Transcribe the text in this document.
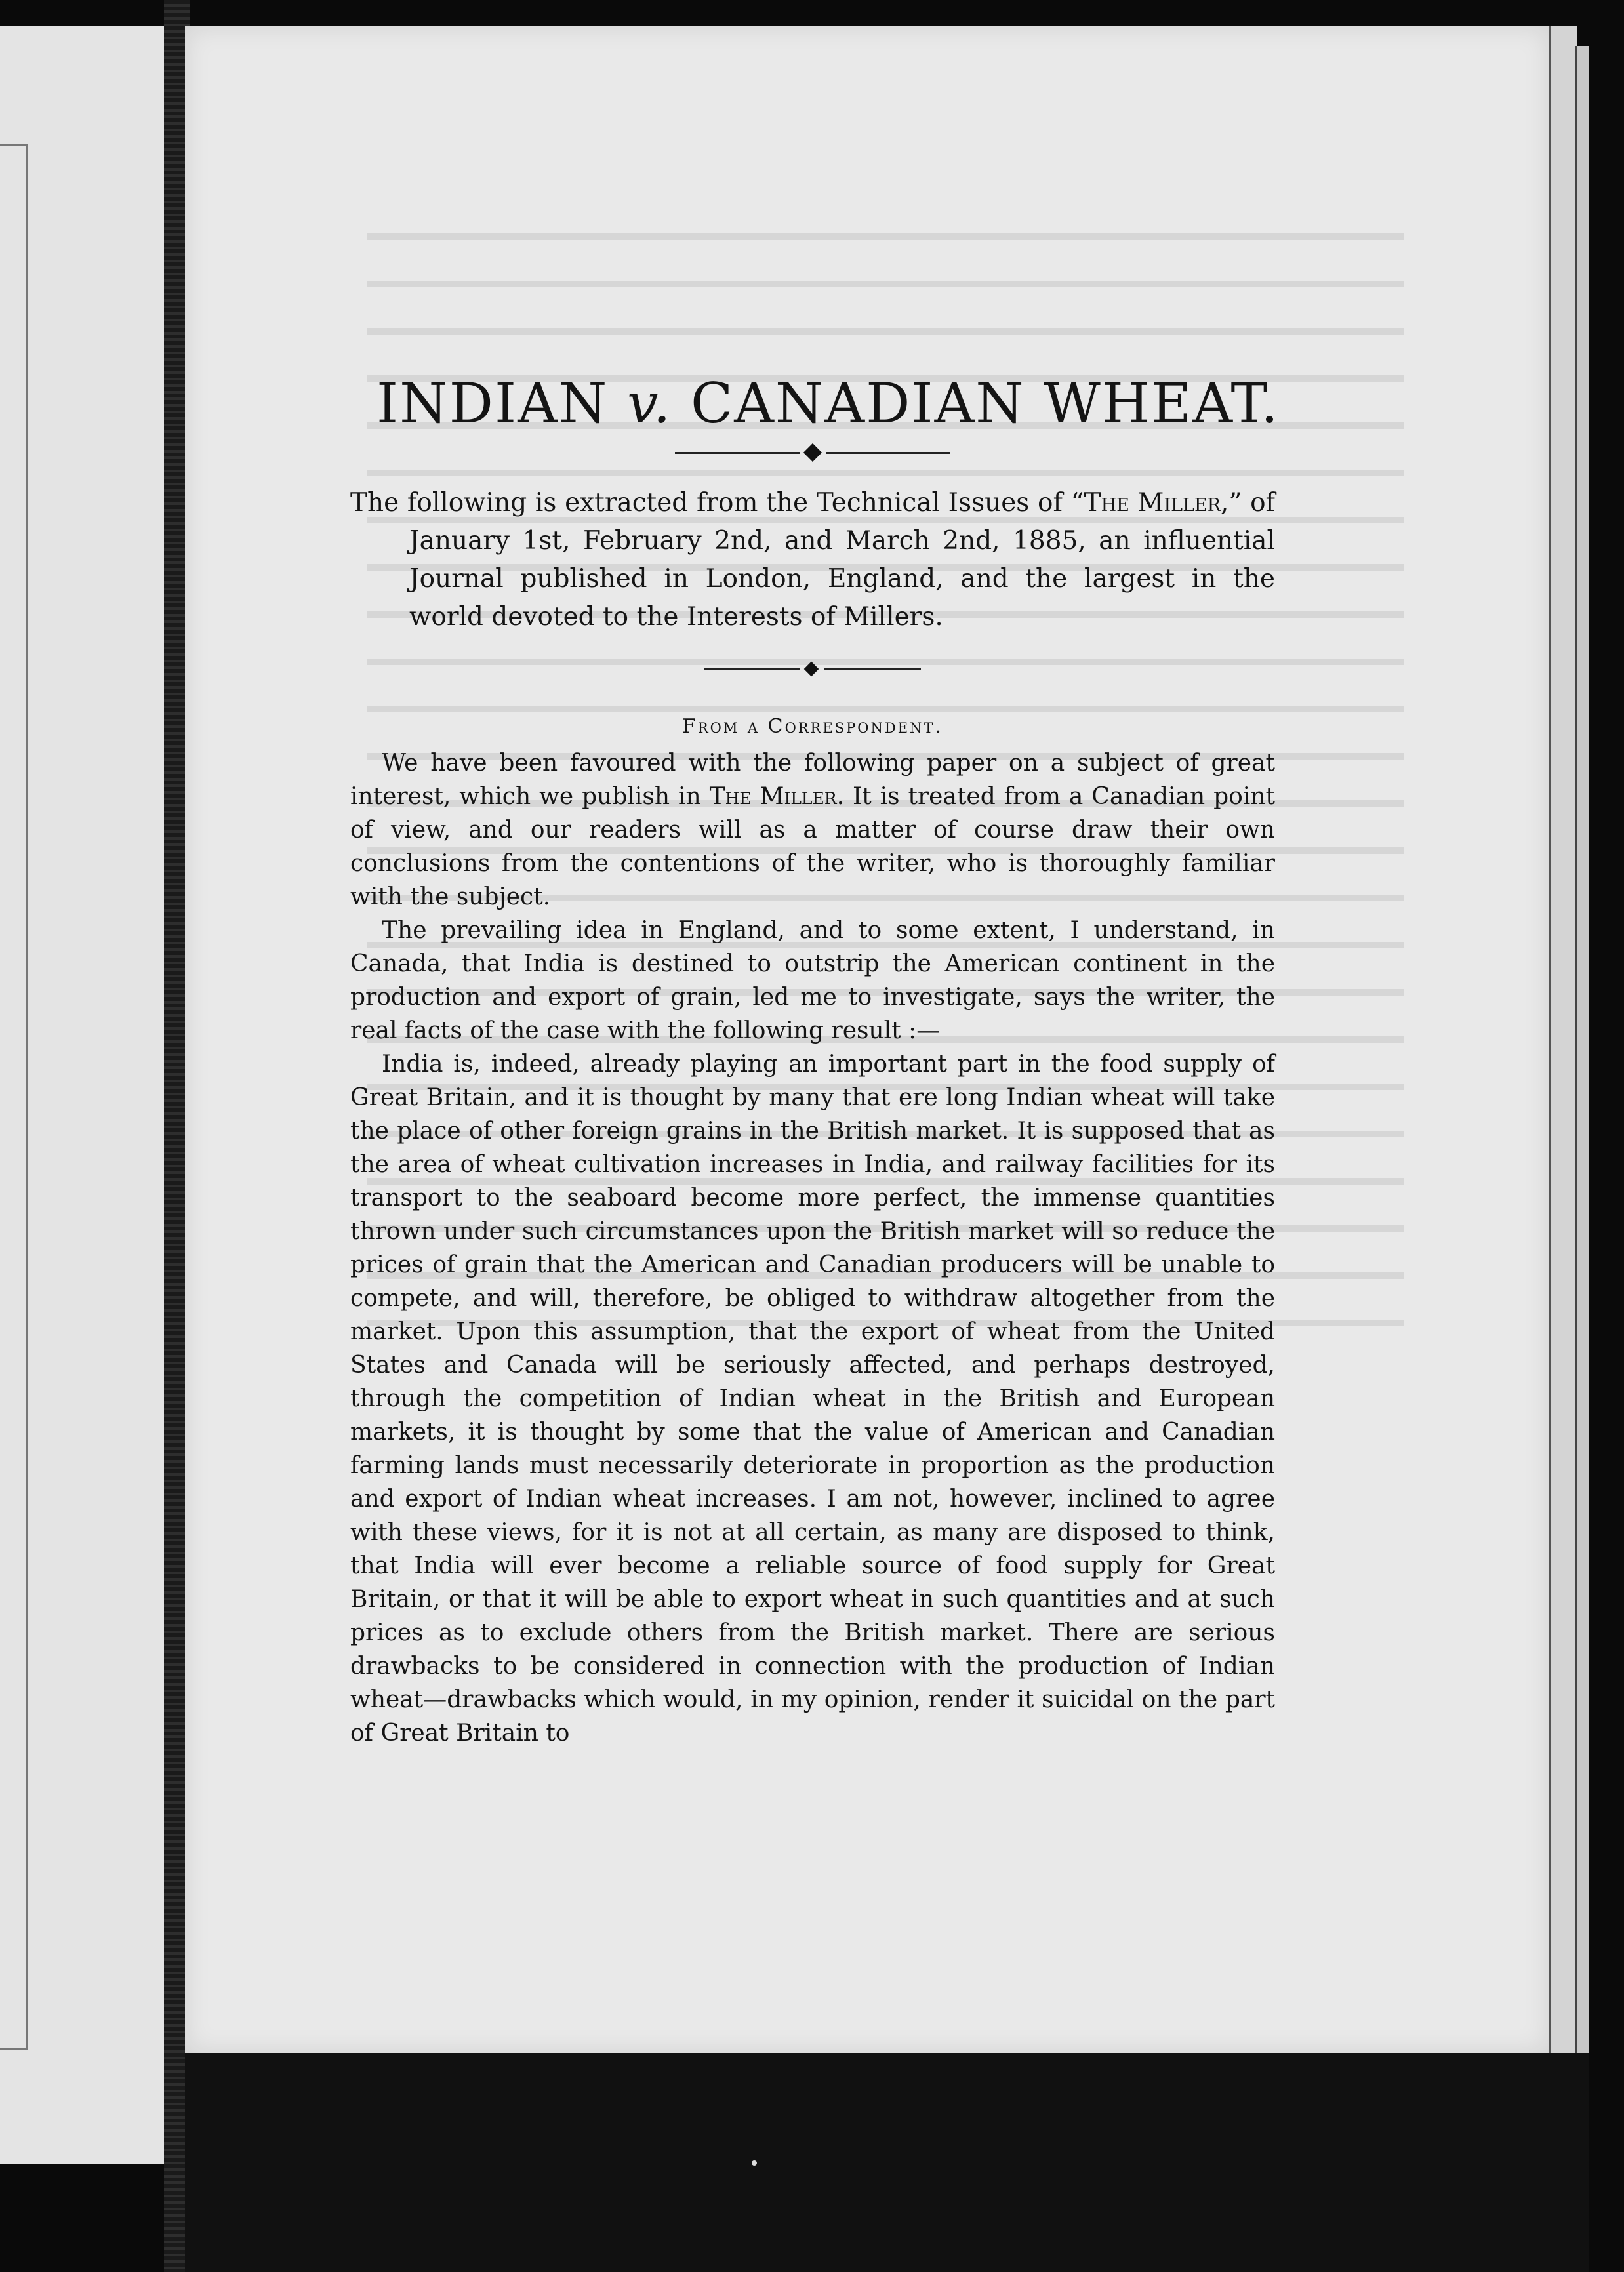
INDIAN v. CANADIAN WHEAT.

The following is extracted from the Technical Issues of “The Miller,” of January 1st, February 2nd, and March 2nd, 1885, an influential Journal published in London, England, and the largest in the world devoted to the Interests of Millers.

From a Correspondent.

We have been favoured with the following paper on a subject of great interest, which we publish in The Miller. It is treated from a Canadian point of view, and our readers will as a matter of course draw their own conclusions from the contentions of the writer, who is thoroughly familiar with the subject.

The prevailing idea in England, and to some extent, I understand, in Canada, that India is destined to outstrip the American continent in the production and export of grain, led me to investigate, says the writer, the real facts of the case with the following result :—

India is, indeed, already playing an important part in the food supply of Great Britain, and it is thought by many that ere long Indian wheat will take the place of other foreign grains in the British market. It is supposed that as the area of wheat cultivation increases in India, and railway facilities for its transport to the seaboard become more perfect, the immense quantities thrown under such circumstances upon the British market will so reduce the prices of grain that the American and Canadian producers will be unable to compete, and will, therefore, be obliged to withdraw altogether from the market. Upon this assumption, that the export of wheat from the United States and Canada will be seriously affected, and perhaps destroyed, through the competition of Indian wheat in the British and European markets, it is thought by some that the value of American and Canadian farming lands must necessarily deteriorate in proportion as the production and export of Indian wheat increases. I am not, however, inclined to agree with these views, for it is not at all certain, as many are disposed to think, that India will ever become a reliable source of food supply for Great Britain, or that it will be able to export wheat in such quantities and at such prices as to exclude others from the British market. There are serious drawbacks to be considered in connection with the production of Indian wheat—drawbacks which would, in my opinion, render it suicidal on the part of Great Britain to
